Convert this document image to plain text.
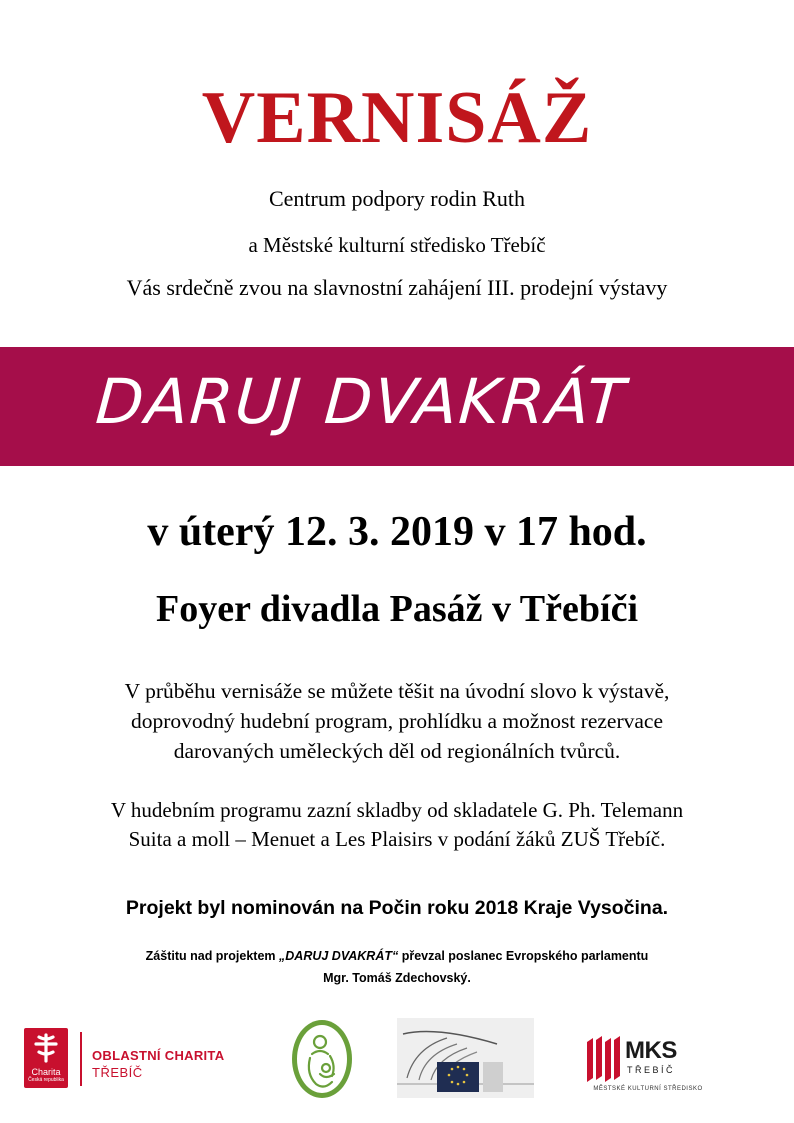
VERNISÁŽ
Centrum podpory rodin Ruth
a Městské kulturní středisko Třebíč
Vás srdečně zvou na slavnostní zahájení III. prodejní výstavy
DARUJ DVAKRÁT
v úterý 12. 3. 2019 v 17 hod.
Foyer divadla Pasáž v Třebíči
V průběhu vernisáže se můžete těšit na úvodní slovo k výstavě,
doprovodný hudební program, prohlídku a možnost rezervace
darovaných uměleckých děl od regionálních tvůrců.
V hudebním programu zazní skladby od skladatele G. Ph. Telemann
Suita a moll – Menuet a Les Plaisirs v podání žáků ZUŠ Třebíč.
Projekt byl nominován na Počin roku 2018 Kraje Vysočina.
Záštitu nad projektem „DARUJ DVAKRÁT“ převzal poslanec Evropského parlamentu
Mgr. Tomáš Zdechovský.
Charita
Česká republika
OBLASTNÍ CHARITA
TŘEBÍČ
MKS
TŘEBÍČ
MĚSTSKÉ KULTURNÍ STŘEDISKO
